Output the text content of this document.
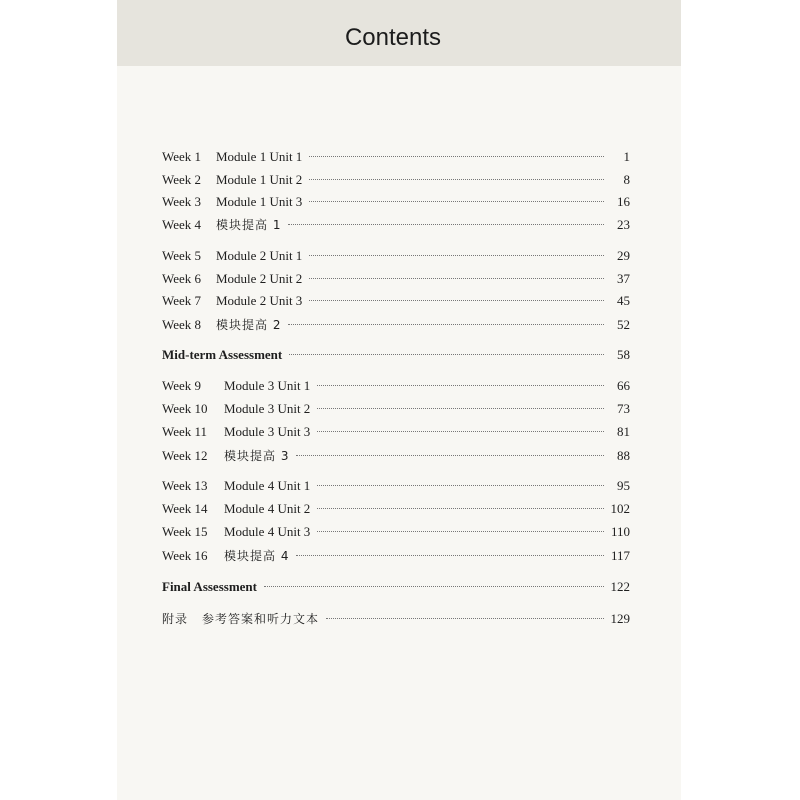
Contents
Week 1	Module 1 Unit 1	1
Week 2	Module 1 Unit 2	8
Week 3	Module 1 Unit 3	16
Week 4	模块提高 1	23
Week 5	Module 2 Unit 1	29
Week 6	Module 2 Unit 2	37
Week 7	Module 2 Unit 3	45
Week 8	模块提高 2	52
Mid-term Assessment	58
Week 9	Module 3 Unit 1	66
Week 10	Module 3 Unit 2	73
Week 11	Module 3 Unit 3	81
Week 12	模块提高 3	88
Week 13	Module 4 Unit 1	95
Week 14	Module 4 Unit 2	102
Week 15	Module 4 Unit 3	110
Week 16	模块提高 4	117
Final Assessment	122
附录	参考答案和听力文本	129
